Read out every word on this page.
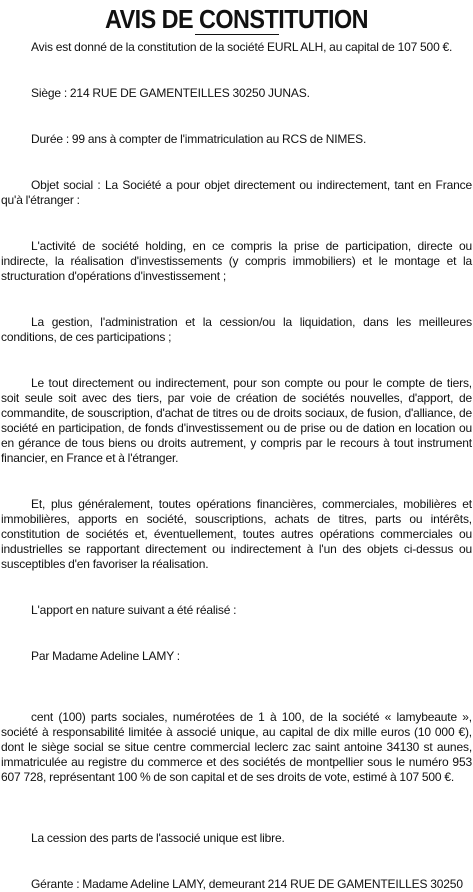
AVIS DE CONSTITUTION

Avis est donné de la constitution de la société EURL ALH, au capital de 107 500 €.

Siège : 214 RUE DE GAMENTEILLES 30250 JUNAS.

Durée : 99 ans à compter de l'immatriculation au RCS de NIMES.

Objet social : La Société a pour objet directement ou indirectement, tant en France qu'à l'étranger :

L'activité de société holding, en ce compris la prise de participation, directe ou indirecte, la réalisation d'investissements (y compris immobiliers) et le montage et la structuration d'opérations d'investissement ;

La gestion, l'administration et la cession/ou la liquidation, dans les meilleures conditions, de ces participations ;

Le tout directement ou indirectement, pour son compte ou pour le compte de tiers, soit seule soit avec des tiers, par voie de création de sociétés nouvelles, d'apport, de commandite, de souscription, d'achat de titres ou de droits sociaux, de fusion, d'alliance, de société en participation, de fonds d'investissement ou de prise ou de dation en location ou en gérance de tous biens ou droits autrement, y compris par le recours à tout instrument financier, en France et à l'étranger.

Et, plus généralement, toutes opérations financières, commerciales, mobilières et immobilières, apports en société, souscriptions, achats de titres, parts ou intérêts, constitution de sociétés et, éventuellement, toutes autres opérations commerciales ou industrielles se rapportant directement ou indirectement à l'un des objets ci-dessus ou susceptibles d'en favoriser la réalisation.

L'apport en nature suivant a été réalisé :

Par Madame Adeline LAMY :

cent (100) parts sociales, numérotées de 1 à 100, de la société « lamybeaute », société à responsabilité limitée à associé unique, au capital de dix mille euros (10 000 €), dont le siège social se situe centre commercial leclerc zac saint antoine 34130 st aunes, immatriculée au registre du commerce et des sociétés de montpellier sous le numéro 953 607 728, représentant 100 % de son capital et de ses droits de vote, estimé à 107 500 €.

La cession des parts de l'associé unique est libre.

Gérante : Madame Adeline LAMY, demeurant 214 RUE DE GAMENTEILLES 30250
